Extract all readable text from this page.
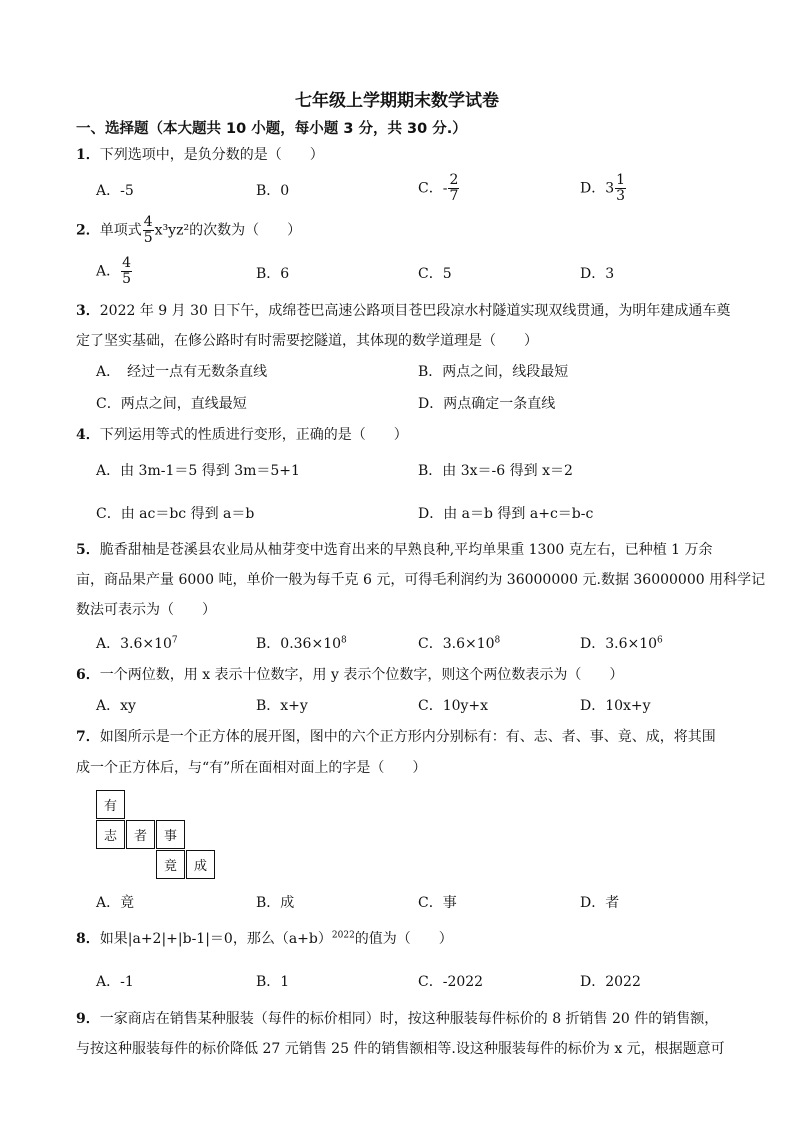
七年级上学期期末数学试卷
一、选择题（本大题共 10 小题，每小题 3 分，共 30 分.）
1．下列选项中，是负分数的是（　　）
A．-5	B．0	C．- $\frac{2}{7}$	D．$3 \frac{1}{3}$
2．单项式 $\frac{4}{5} x^3yz^2$的次数为（　　）
A． $\frac{4}{5}$	B．6	C．5	D．3
3．2022 年 9 月 30 日下午，成绵苍巴高速公路项目苍巴段凉水村隧道实现双线贯通，为明年建成通车奠
定了坚实基础，在修公路时有时需要挖隧道，其体现的数学道理是（　　）
A．　经过一点有无数条直线	B．两点之间，线段最短
C．两点之间，直线最短	D．两点确定一条直线
4．下列运用等式的性质进行变形，正确的是（　　）
A．由 3m-1＝5 得到 3m＝5+1	B．由 3x＝-6 得到 x＝2
C．由 ac＝bc 得到 a＝b	D．由 a＝b 得到 a+c＝b-c
5．脆香甜柚是苍溪县农业局从柚芽变中选育出来的早熟良种,平均单果重 1300 克左右，已种植 1 万余
亩，商品果产量 6000 吨，单价一般为每千克 6 元，可得毛利润约为 36000000 元.数据 36000000 用科学记
数法可表示为（　　）
A．$3.6\times 10^7$	B．$0.36\times 10^8$	C．$3.6\times 10^8$	D．$3.6\times 10^6$
6．一个两位数，用 x 表示十位数字，用 y 表示个位数字，则这个两位数表示为（　　）
A．xy	B．x+y	C．10y+x	D．10x+y
7．如图所示是一个正方体的展开图，图中的六个正方形内分别标有：有、志、者、事、竟、成，将其围
成一个正方体后，与“有”所在面相对面上的字是（　　）
有
志	者	事
竟	成
A．竟	B．成	C．事	D．者
8．如果|a+2|+|b-1|＝0，那么$(a+b)^{2022}$的值为（　　）
A．-1	B．1	C．-2022	D．2022
9．一家商店在销售某种服装（每件的标价相同）时，按这种服装每件标价的 8 折销售 20 件的销售额，
与按这种服装每件的标价降低 27 元销售 25 件的销售额相等.设这种服装每件的标价为 x 元，根据题意可
